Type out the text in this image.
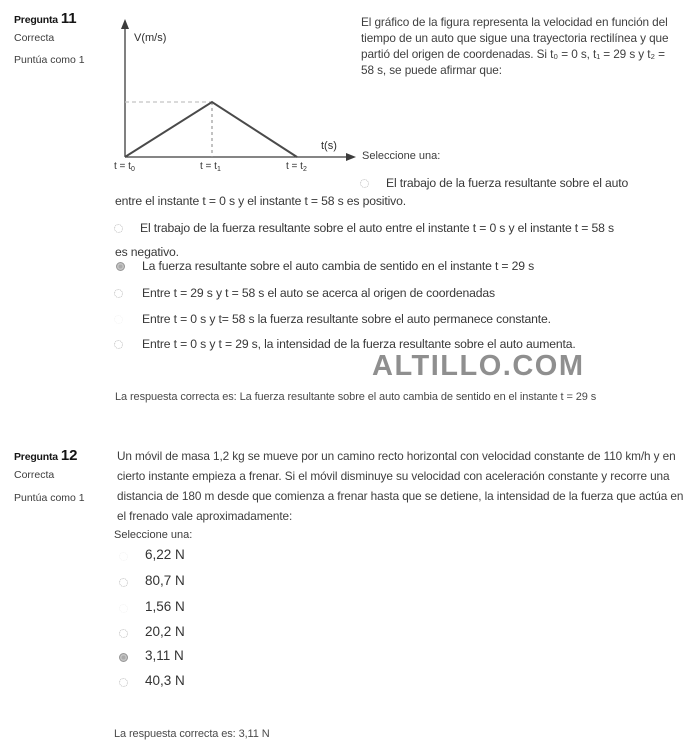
Pregunta 11
Correcta
Puntúa como 1
V(m/s)
t(s)
$t = t_0$	$t = t_1$	$t = t_2$
El gráfico de la figura representa la velocidad en función del
tiempo de un auto que sigue una trayectoria rectilínea y que
partió del origen de coordenadas. Si t₀ = 0 s, t₁ = 29 s y t₂ =
58 s, se puede afirmar que:
Seleccione una:
El trabajo de la fuerza resultante sobre el auto
entre el instante t = 0 s y el instante t = 58 s es positivo.
El trabajo de la fuerza resultante sobre el auto entre el instante t = 0 s y el instante t = 58 s
es negativo.
La fuerza resultante sobre el auto cambia de sentido en el instante t = 29 s
Entre t = 29 s y t = 58 s el auto se acerca al origen de coordenadas
Entre t = 0 s y t= 58 s la fuerza resultante sobre el auto permanece constante.
Entre t = 0 s y t = 29 s, la intensidad de la fuerza resultante sobre el auto aumenta.
ALTILLO.COM
La respuesta correcta es: La fuerza resultante sobre el auto cambia de sentido en el instante t = 29 s
Pregunta 12
Correcta
Puntúa como 1
Un móvil de masa 1,2 kg se mueve por un camino recto horizontal con velocidad constante de 110 km/h y en
cierto instante empieza a frenar. Si el móvil disminuye su velocidad con aceleración constante y recorre una
distancia de 180 m desde que comienza a frenar hasta que se detiene, la intensidad de la fuerza que actúa en
el frenado vale aproximadamente:
Seleccione una:
6,22 N
80,7 N
1,56 N
20,2 N
3,11 N
40,3 N
La respuesta correcta es: 3,11 N
